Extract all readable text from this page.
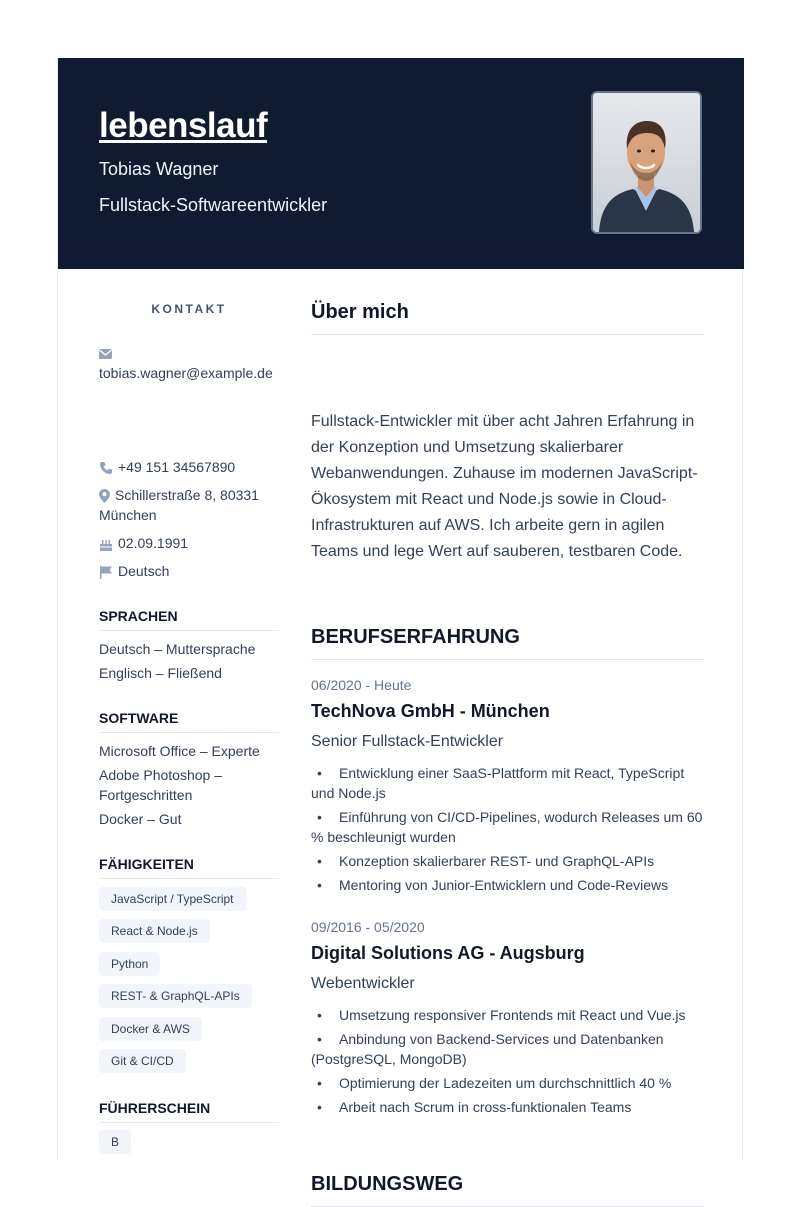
lebenslauf
Tobias Wagner
Fullstack-Softwareentwickler
KONTAKT

tobias.wagner@example.de
+49 151 34567890
Schillerstraße 8, 80331 München
02.09.1991
Deutsch
SPRACHEN
Deutsch – Muttersprache
Englisch – Fließend
SOFTWARE
Microsoft Office – Experte
Adobe Photoshop – Fortgeschritten
Docker – Gut
FÄHIGKEITEN
JavaScript / TypeScript
React & Node.js
Python
REST- & GraphQL-APIs
Docker & AWS
Git & CI/CD
FÜHRERSCHEIN
B
Über mich
Fullstack-Entwickler mit über acht Jahren Erfahrung in der Konzeption und Umsetzung skalierbarer Webanwendungen. Zuhause im modernen JavaScript-Ökosystem mit React und Node.js sowie in Cloud-Infrastrukturen auf AWS. Ich arbeite gern in agilen Teams und lege Wert auf sauberen, testbaren Code.
BERUFSERFAHRUNG
06/2020 - Heute
TechNova GmbH - München
Senior Fullstack-Entwickler
• Entwicklung einer SaaS-Plattform mit React, TypeScript und Node.js
• Einführung von CI/CD-Pipelines, wodurch Releases um 60 % beschleunigt wurden
• Konzeption skalierbarer REST- und GraphQL-APIs
• Mentoring von Junior-Entwicklern und Code-Reviews
09/2016 - 05/2020
Digital Solutions AG - Augsburg
Webentwickler
• Umsetzung responsiver Frontends mit React und Vue.js
• Anbindung von Backend-Services und Datenbanken (PostgreSQL, MongoDB)
• Optimierung der Ladezeiten um durchschnittlich 40 %
• Arbeit nach Scrum in cross-funktionalen Teams
BILDUNGSWEG
